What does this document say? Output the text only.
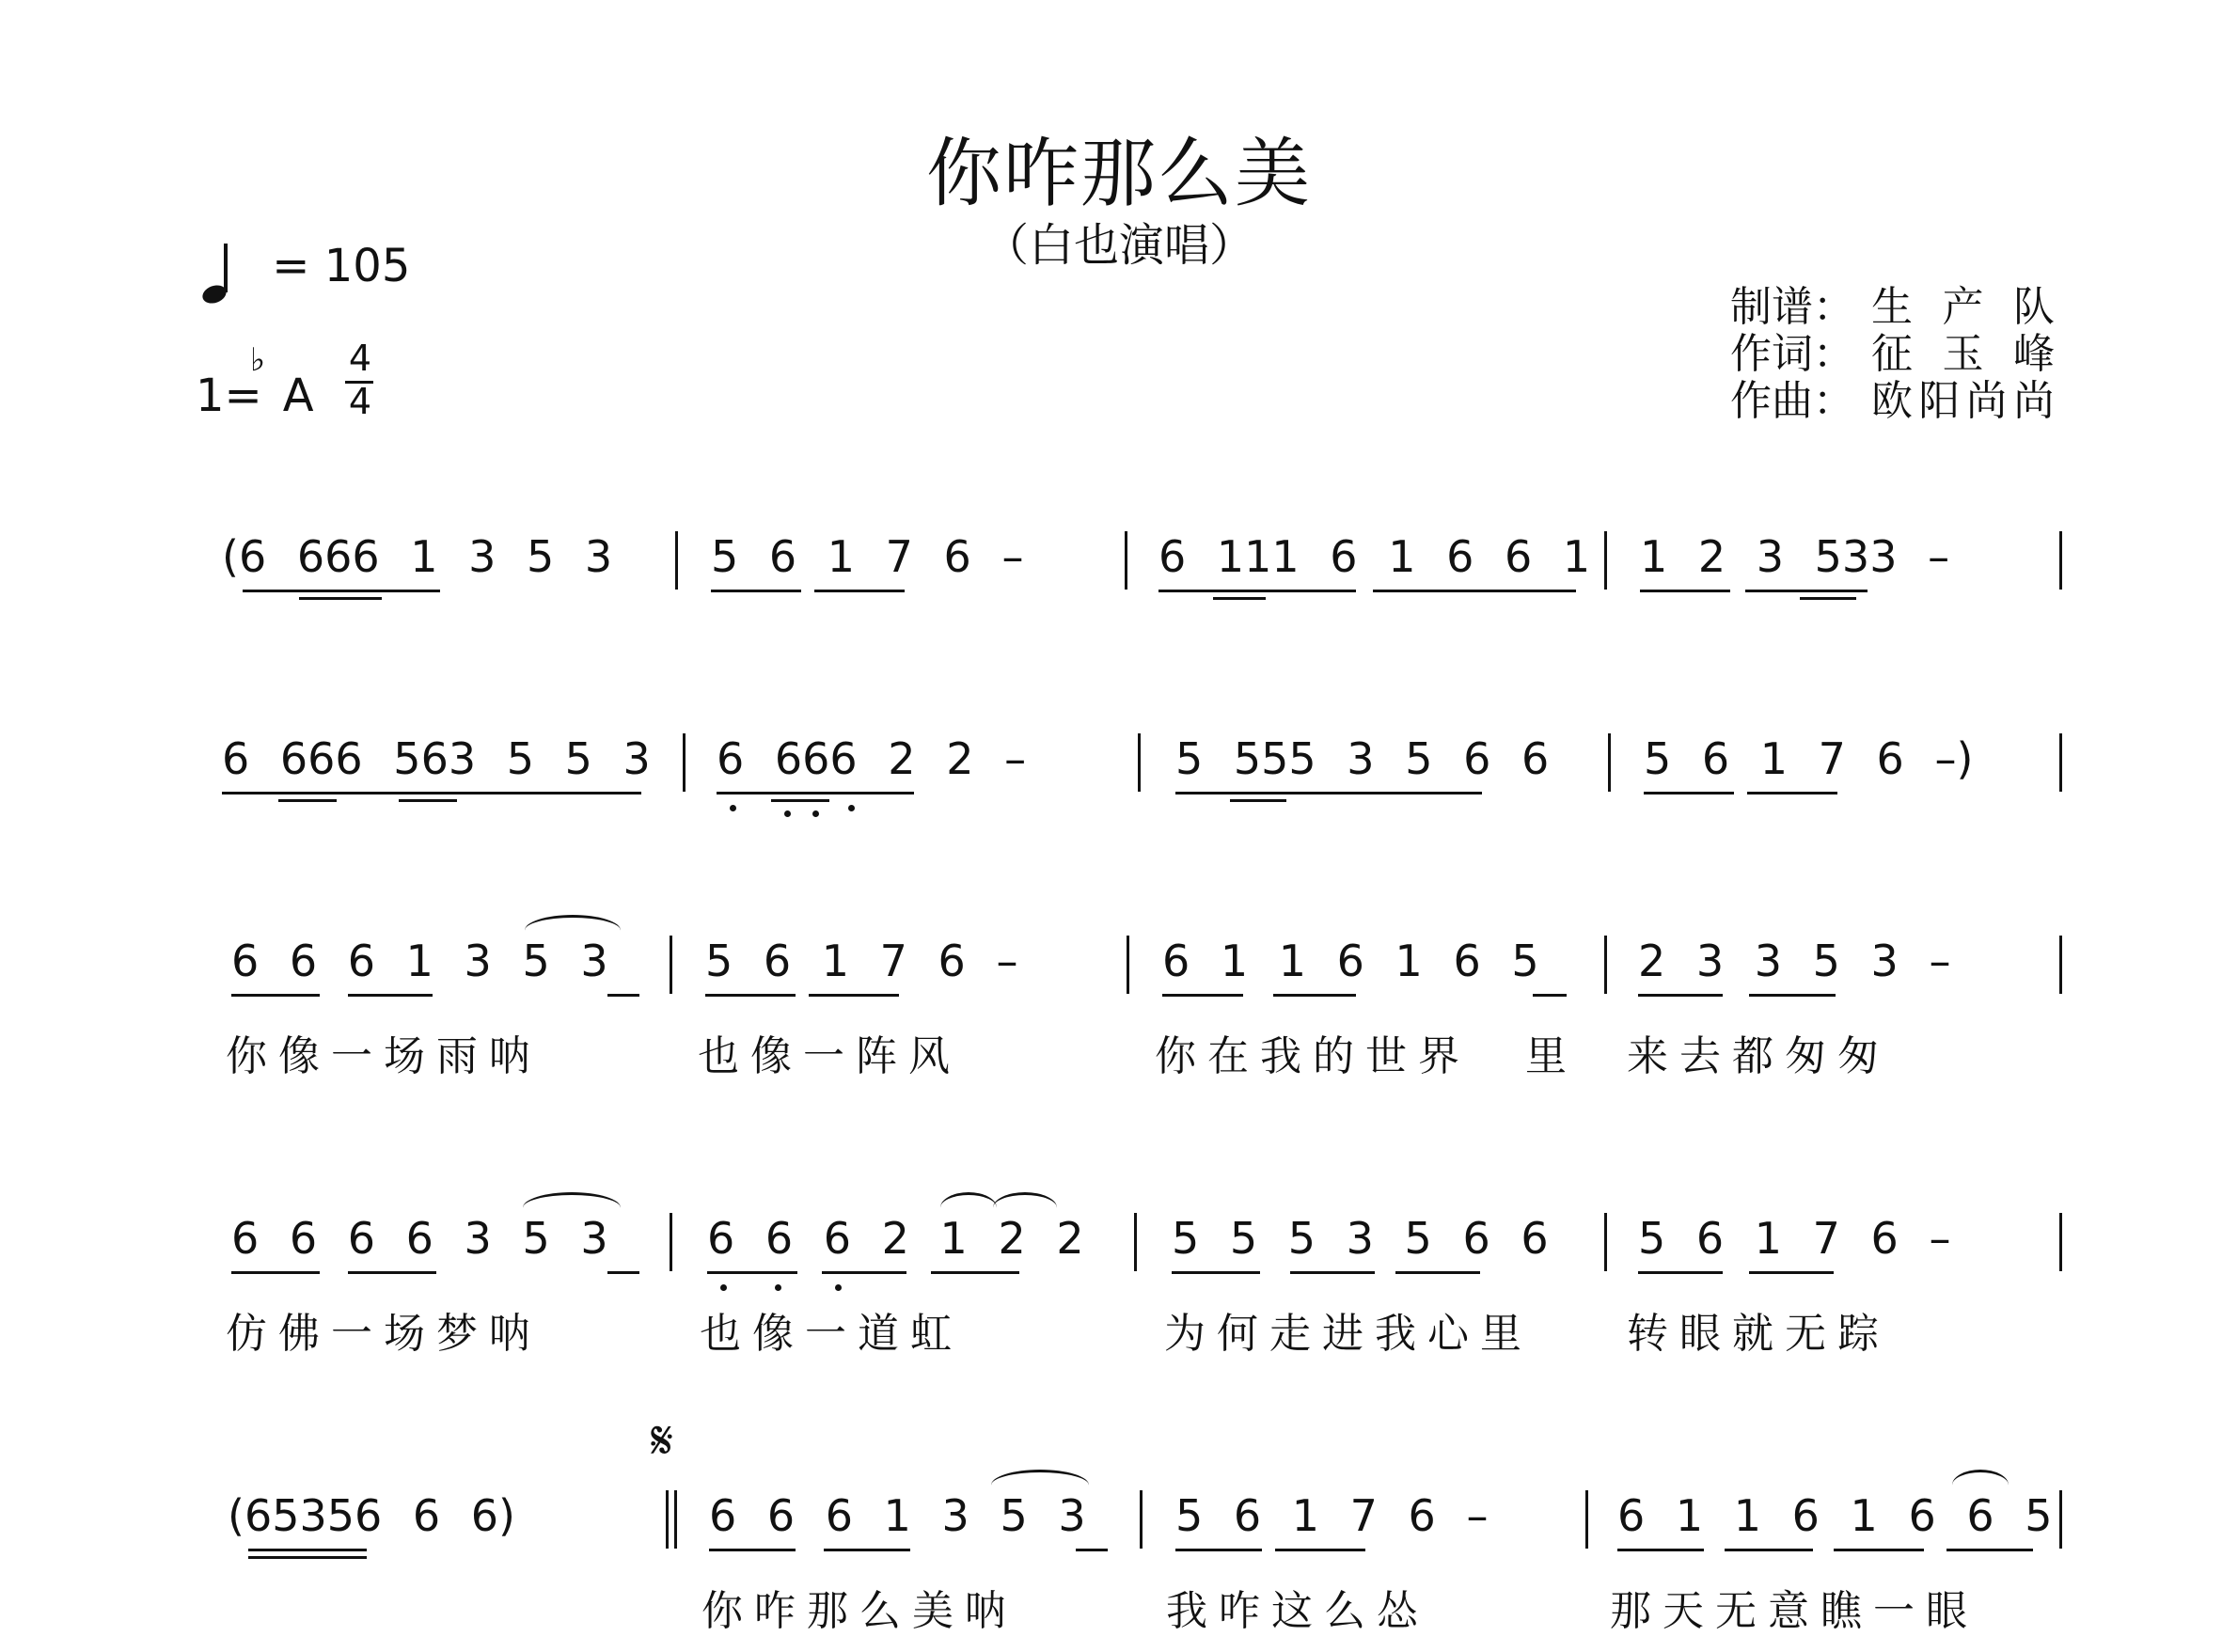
你咋那么美
（白也演唱）
= 105
1=
♭
A $\frac{4}{4}$
制谱： 生产队
作词： 征玉峰
作曲： 欧阳尚尚
(6 666 1 3 5 3 5 6 1 7 6 –	6 111 6 1 6 6 1 1 2 3 533 –
6 666 563 5 5 3 6 666 2 2 –	5 555 3 5 6 6 5 6 1 7 6 –)
6 6 6 1 3 5 3 5 6 1 7 6 –	6 1 1 6 1 6 5 2 3 3 5 3 –
你像一场雨呐	也像一阵风	你在我的世界 里 来去都匆匆
6 6 6 6 3 5 3 6 6 6 2 1 2 2 5 5 5 3 5 6 6 5 6 1 7 6 –
仿佛一场梦呐	也像一道虹	为何走进我心里 转眼就无踪
𝄋
(65356 6 6)	6 6 6 1 3 5 3 5 6 1 7 6 –	6 1 1 6 1 6 6 5
你咋那么美呐	我咋这么怂	那天无意瞧一眼
